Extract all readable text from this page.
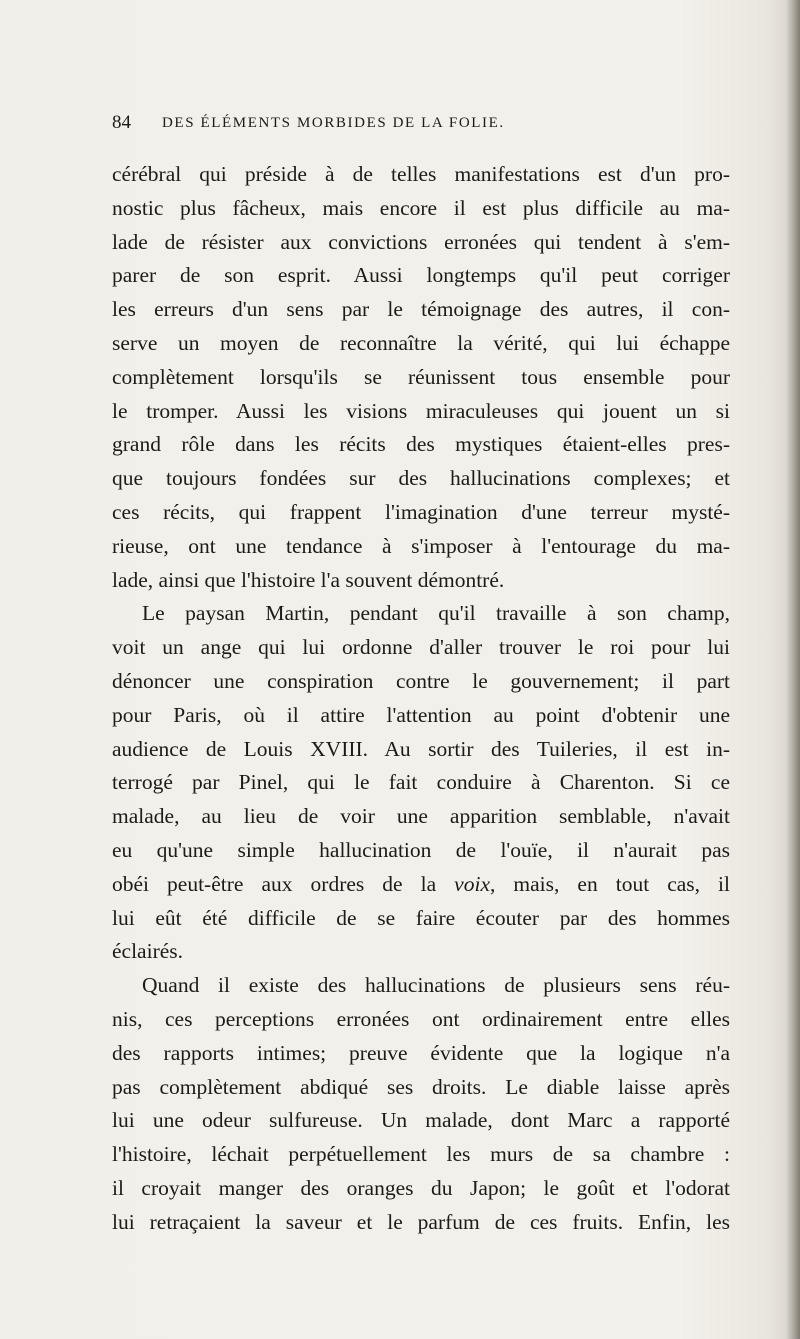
84 DES ÉLÉMENTS MORBIDES DE LA FOLIE.
cérébral qui préside à de telles manifestations est d'un pro-
nostic plus fâcheux, mais encore il est plus difficile au ma-
lade de résister aux convictions erronées qui tendent à s'em-
parer de son esprit. Aussi longtemps qu'il peut corriger
les erreurs d'un sens par le témoignage des autres, il con-
serve un moyen de reconnaître la vérité, qui lui échappe
complètement lorsqu'ils se réunissent tous ensemble pour
le tromper. Aussi les visions miraculeuses qui jouent un si
grand rôle dans les récits des mystiques étaient-elles pres-
que toujours fondées sur des hallucinations complexes; et
ces récits, qui frappent l'imagination d'une terreur mysté-
rieuse, ont une tendance à s'imposer à l'entourage du ma-
lade, ainsi que l'histoire l'a souvent démontré.
Le paysan Martin, pendant qu'il travaille à son champ,
voit un ange qui lui ordonne d'aller trouver le roi pour lui
dénoncer une conspiration contre le gouvernement; il part
pour Paris, où il attire l'attention au point d'obtenir une
audience de Louis XVIII. Au sortir des Tuileries, il est in-
terrogé par Pinel, qui le fait conduire à Charenton. Si ce
malade, au lieu de voir une apparition semblable, n'avait
eu qu'une simple hallucination de l'ouïe, il n'aurait pas
obéi peut-être aux ordres de la voix, mais, en tout cas, il
lui eût été difficile de se faire écouter par des hommes
éclairés.
Quand il existe des hallucinations de plusieurs sens réu-
nis, ces perceptions erronées ont ordinairement entre elles
des rapports intimes; preuve évidente que la logique n'a
pas complètement abdiqué ses droits. Le diable laisse après
lui une odeur sulfureuse. Un malade, dont Marc a rapporté
l'histoire, léchait perpétuellement les murs de sa chambre :
il croyait manger des oranges du Japon; le goût et l'odorat
lui retraçaient la saveur et le parfum de ces fruits. Enfin, les
